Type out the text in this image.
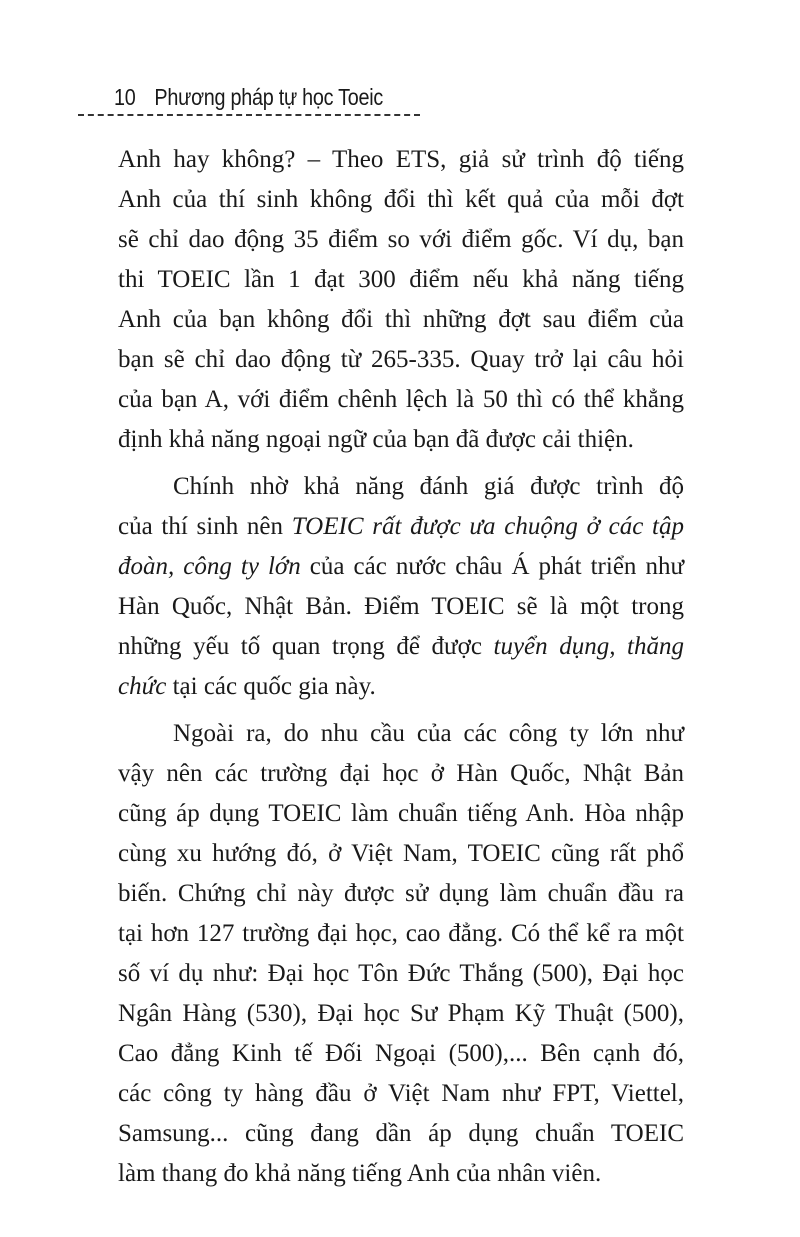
10 Phương pháp tự học Toeic
Anh hay không? – Theo ETS, giả sử trình độ tiếng
Anh của thí sinh không đổi thì kết quả của mỗi đợt
sẽ chỉ dao động 35 điểm so với điểm gốc. Ví dụ, bạn
thi TOEIC lần 1 đạt 300 điểm nếu khả năng tiếng
Anh của bạn không đổi thì những đợt sau điểm của
bạn sẽ chỉ dao động từ 265-335. Quay trở lại câu hỏi
của bạn A, với điểm chênh lệch là 50 thì có thể khẳng
định khả năng ngoại ngữ của bạn đã được cải thiện.
Chính nhờ khả năng đánh giá được trình độ
của thí sinh nên TOEIC rất được ưa chuộng ở các tập
đoàn, công ty lớn của các nước châu Á phát triển như
Hàn Quốc, Nhật Bản. Điểm TOEIC sẽ là một trong
những yếu tố quan trọng để được tuyển dụng, thăng
chức tại các quốc gia này.
Ngoài ra, do nhu cầu của các công ty lớn như
vậy nên các trường đại học ở Hàn Quốc, Nhật Bản
cũng áp dụng TOEIC làm chuẩn tiếng Anh. Hòa nhập
cùng xu hướng đó, ở Việt Nam, TOEIC cũng rất phổ
biến. Chứng chỉ này được sử dụng làm chuẩn đầu ra
tại hơn 127 trường đại học, cao đẳng. Có thể kể ra một
số ví dụ như: Đại học Tôn Đức Thắng (500), Đại học
Ngân Hàng (530), Đại học Sư Phạm Kỹ Thuật (500),
Cao đẳng Kinh tế Đối Ngoại (500),... Bên cạnh đó,
các công ty hàng đầu ở Việt Nam như FPT, Viettel,
Samsung... cũng đang dần áp dụng chuẩn TOEIC
làm thang đo khả năng tiếng Anh của nhân viên.
